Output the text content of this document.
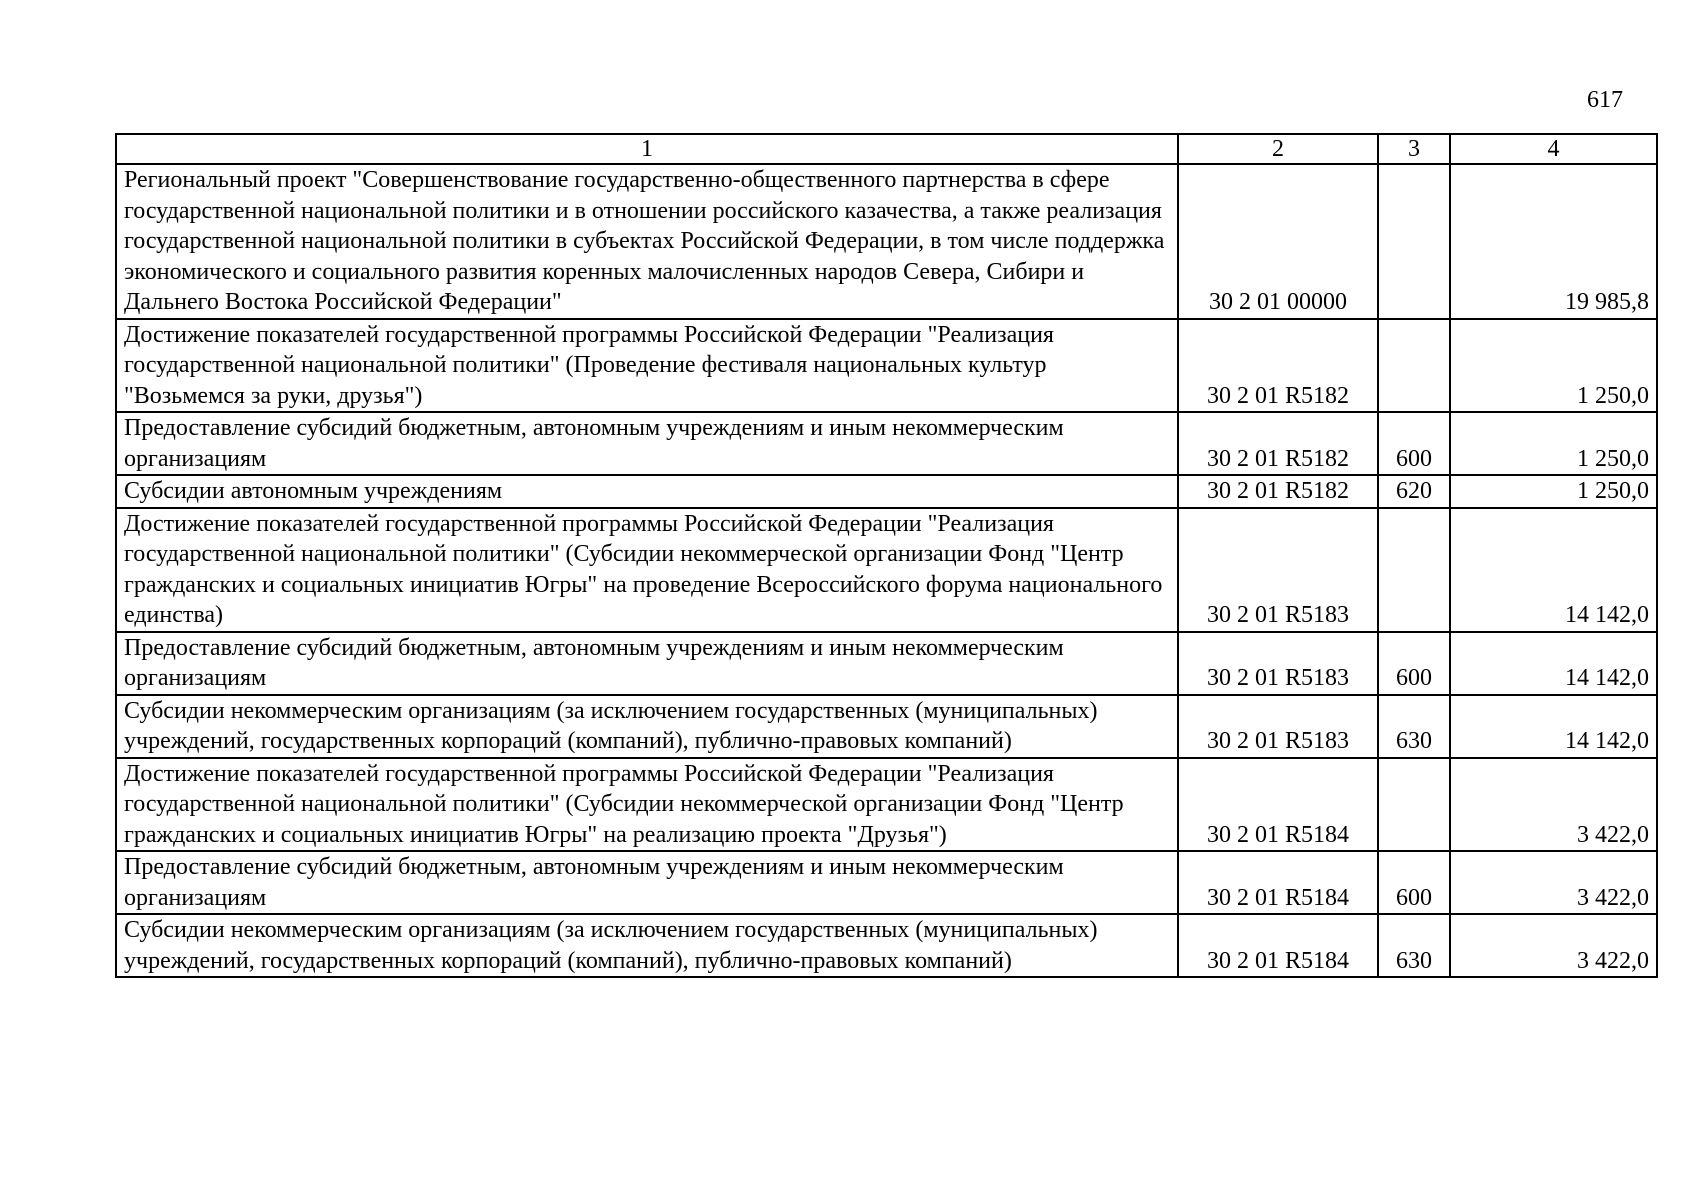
617
1	2	3	4
Региональный проект "Совершенствование государственно-общественного партнерства в сфере государственной национальной политики и в отношении российского казачества, а также реализация государственной национальной политики в субъектах Российской Федерации, в том числе поддержка экономического и социального развития коренных малочисленных народов Севера, Сибири и Дальнего Востока Российской Федерации"	30 2 01 00000		19 985,8
Достижение показателей государственной программы Российской Федерации "Реализация государственной национальной политики" (Проведение фестиваля национальных культур "Возьмемся за руки, друзья")	30 2 01 R5182		1 250,0
Предоставление субсидий бюджетным, автономным учреждениям и иным некоммерческим организациям	30 2 01 R5182	600	1 250,0
Субсидии автономным учреждениям	30 2 01 R5182	620	1 250,0
Достижение показателей государственной программы Российской Федерации "Реализация государственной национальной политики" (Субсидии некоммерческой организации Фонд "Центр гражданских и социальных инициатив Югры" на проведение Всероссийского форума национального единства)	30 2 01 R5183		14 142,0
Предоставление субсидий бюджетным, автономным учреждениям и иным некоммерческим организациям	30 2 01 R5183	600	14 142,0
Субсидии некоммерческим организациям (за исключением государственных (муниципальных) учреждений, государственных корпораций (компаний), публично-правовых компаний)	30 2 01 R5183	630	14 142,0
Достижение показателей государственной программы Российской Федерации "Реализация государственной национальной политики" (Субсидии некоммерческой организации Фонд "Центр гражданских и социальных инициатив Югры" на реализацию проекта "Друзья")	30 2 01 R5184		3 422,0
Предоставление субсидий бюджетным, автономным учреждениям и иным некоммерческим организациям	30 2 01 R5184	600	3 422,0
Субсидии некоммерческим организациям (за исключением государственных (муниципальных) учреждений, государственных корпораций (компаний), публично-правовых компаний)	30 2 01 R5184	630	3 422,0
